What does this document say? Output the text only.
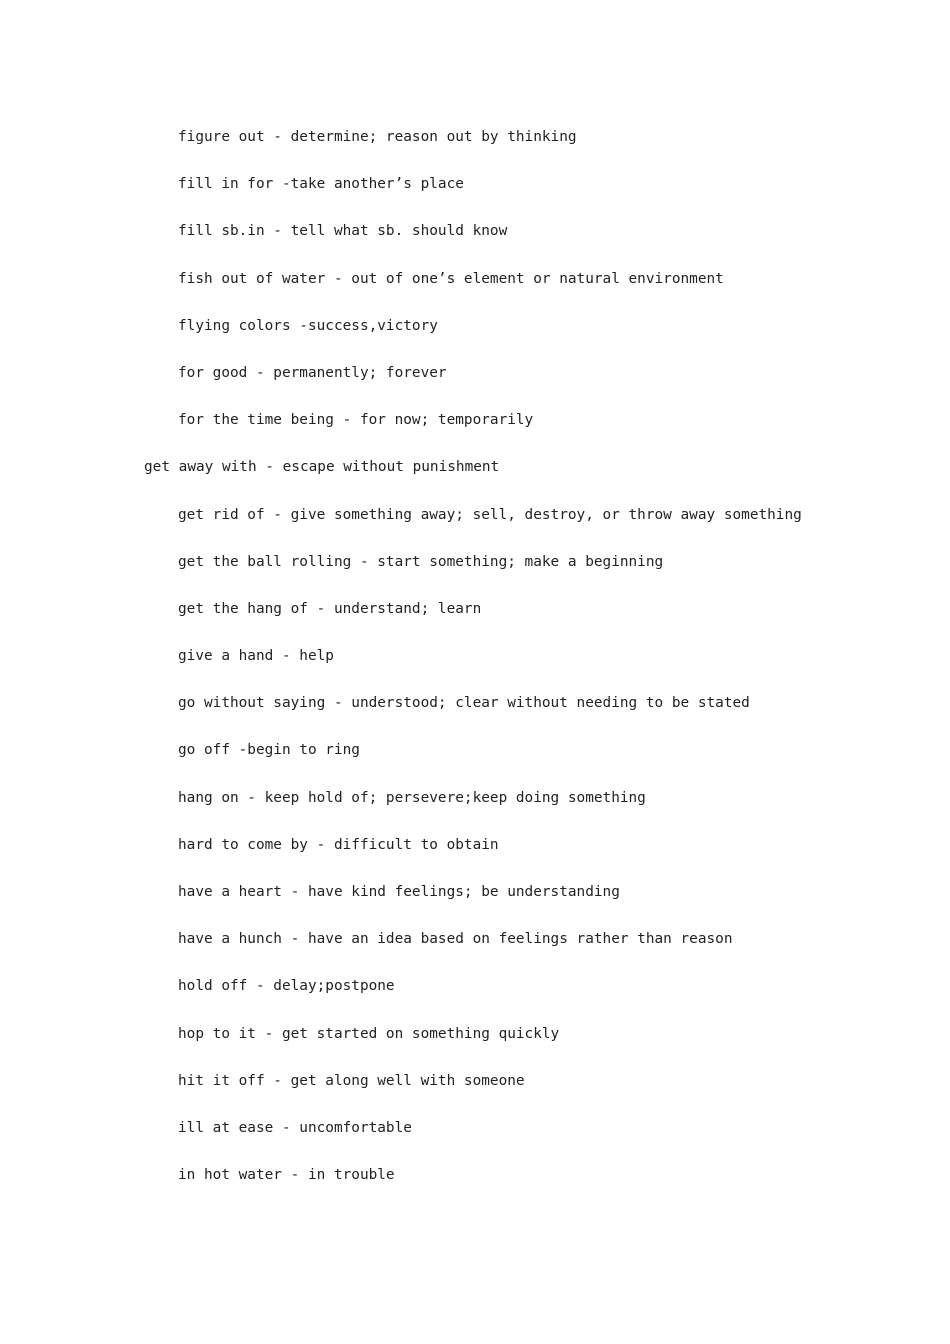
figure out - determine; reason out by thinking
fill in for -take another’s place
fill sb.in - tell what sb. should know
fish out of water - out of one’s element or natural environment
flying colors -success,victory
for good - permanently; forever
for the time being - for now; temporarily
get away with - escape without punishment
get rid of - give something away; sell, destroy, or throw away something
get the ball rolling - start something; make a beginning
get the hang of - understand; learn
give a hand - help
go without saying - understood; clear without needing to be stated
go off -begin to ring
hang on - keep hold of; persevere;keep doing something
hard to come by - difficult to obtain
have a heart - have kind feelings; be understanding
have a hunch - have an idea based on feelings rather than reason
hold off - delay;postpone
hop to it - get started on something quickly
hit it off - get along well with someone
ill at ease - uncomfortable
in hot water - in trouble
